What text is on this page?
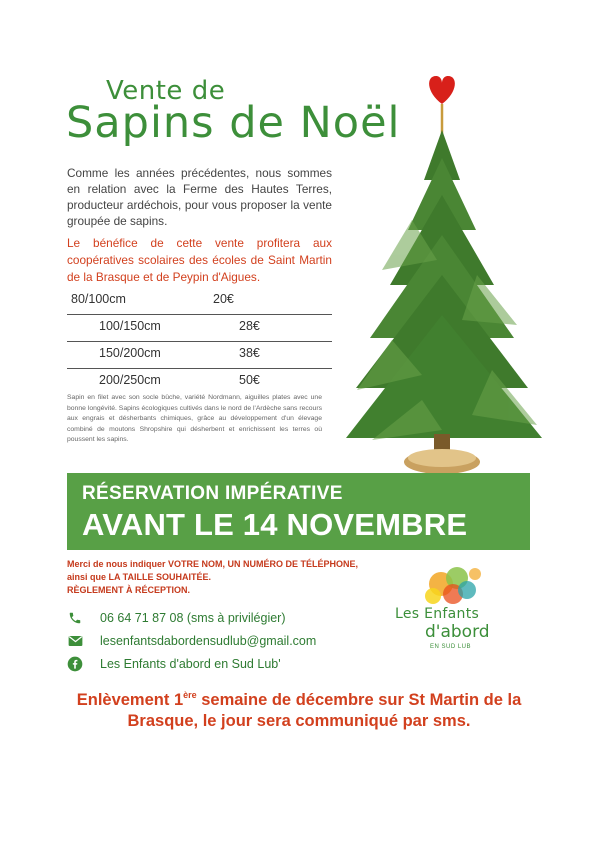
Vente de
Sapins de Noël

Comme les années précédentes, nous sommes en relation avec la Ferme des Hautes Terres, producteur ardéchois, pour vous proposer la vente groupée de sapins.

Le bénéfice de cette vente profitera aux coopératives scolaires des écoles de Saint Martin de la Brasque et de Peypin d'Aigues.

80/100cm	20€
100/150cm	28€
150/200cm	38€
200/250cm	50€

Sapin en filet avec son socle bûche, variété Nordmann, aiguilles plates avec une bonne longévité. Sapins écologiques cultivés dans le nord de l'Ardèche sans recours aux engrais et désherbants chimiques, grâce au développement d'un élevage combiné de moutons Shropshire qui désherbent et enrichissent les terres où poussent les sapins.

RÉSERVATION IMPÉRATIVE
AVANT LE 14 NOVEMBRE
Merci de nous indiquer VOTRE NOM, UN NUMÉRO DE TÉLÉPHONE,
ainsi que LA TAILLE SOUHAITÉE.
RÈGLEMENT À RÉCEPTION.
06 64 71 87 08 (sms à privilégier)
lesenfantsdabordensudlub@gmail.com
Les Enfants d'abord en Sud Lub'
Les Enfants
d'abord
EN SUD LUB

Enlèvement 1ère semaine de décembre sur St Martin de la Brasque, le jour sera communiqué par sms.
